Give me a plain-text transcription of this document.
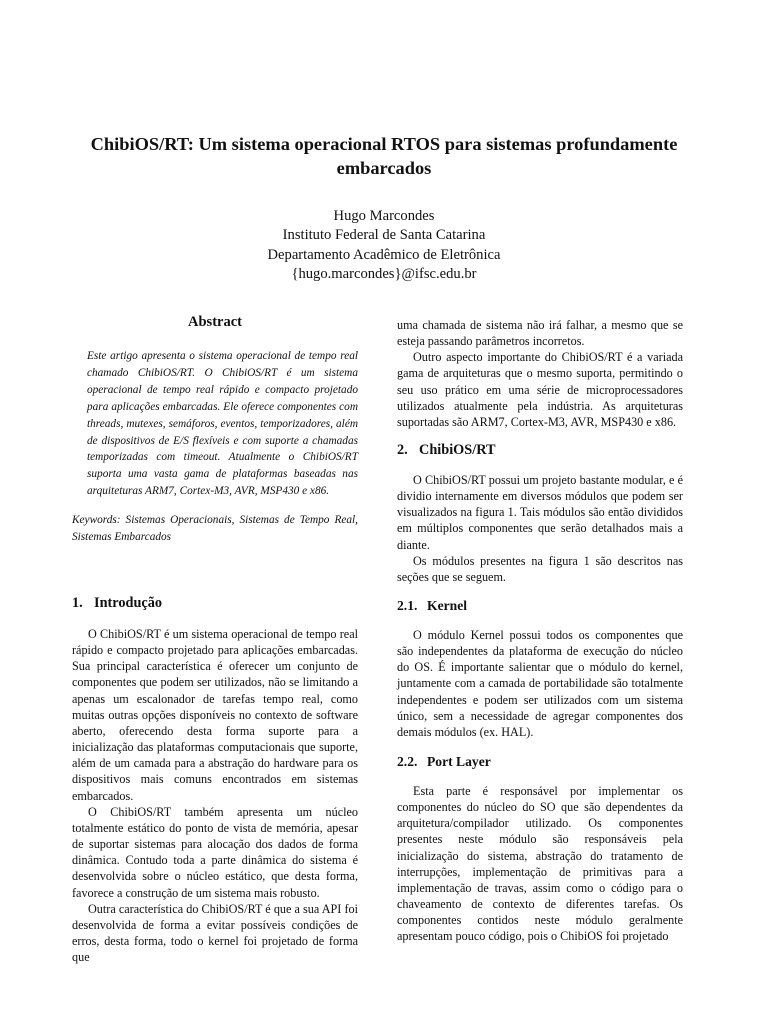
ChibiOS/RT: Um sistema operacional RTOS para sistemas profundamente embarcados
Hugo Marcondes
Instituto Federal de Santa Catarina
Departamento Acadêmico de Eletrônica
{hugo.marcondes}@ifsc.edu.br
Abstract

Este artigo apresenta o sistema operacional de tempo real chamado ChibiOS/RT. O ChibiOS/RT é um sistema operacional de tempo real rápido e compacto projetado para aplicações embarcadas. Ele oferece componentes com threads, mutexes, semáforos, eventos, temporizadores, além de dispositivos de E/S flexíveis e com suporte a chamadas temporizadas com timeout. Atualmente o ChibiOS/RT suporta uma vasta gama de plataformas baseadas nas arquiteturas ARM7, Cortex-M3, AVR, MSP430 e x86.

Keywords: Sistemas Operacionais, Sistemas de Tempo Real, Sistemas Embarcados
1. Introdução

O ChibiOS/RT é um sistema operacional de tempo real rápido e compacto projetado para aplicações embarcadas. Sua principal característica é oferecer um conjunto de componentes que podem ser utilizados, não se limitando a apenas um escalonador de tarefas tempo real, como muitas outras opções disponíveis no contexto de software aberto, oferecendo desta forma suporte para a inicialização das plataformas computacionais que suporte, além de um camada para a abstração do hardware para os dispositivos mais comuns encontrados em sistemas embarcados.

O ChibiOS/RT também apresenta um núcleo totalmente estático do ponto de vista de memória, apesar de suportar sistemas para alocação dos dados de forma dinâmica. Contudo toda a parte dinâmica do sistema é desenvolvida sobre o núcleo estático, que desta forma, favorece a construção de um sistema mais robusto.

Outra característica do ChibiOS/RT é que a sua API foi desenvolvida de forma a evitar possíveis condições de erros, desta forma, todo o kernel foi projetado de forma que

uma chamada de sistema não irá falhar, a mesmo que se esteja passando parâmetros incorretos.

Outro aspecto importante do ChibiOS/RT é a variada gama de arquiteturas que o mesmo suporta, permitindo o seu uso prático em uma série de microprocessadores utilizados atualmente pela indústria. As arquiteturas suportadas são ARM7, Cortex-M3, AVR, MSP430 e x86.

2. ChibiOS/RT

O ChibiOS/RT possui um projeto bastante modular, e é dividio internamente em diversos módulos que podem ser visualizados na figura 1. Tais módulos são então divididos em múltiplos componentes que serão detalhados mais a diante.

Os módulos presentes na figura 1 são descritos nas seções que se seguem.

2.1. Kernel

O módulo Kernel possui todos os componentes que são independentes da plataforma de execução do núcleo do OS. É importante salientar que o módulo do kernel, juntamente com a camada de portabilidade são totalmente independentes e podem ser utilizados com um sistema único, sem a necessidade de agregar componentes dos demais módulos (ex. HAL).

2.2. Port Layer

Esta parte é responsável por implementar os componentes do núcleo do SO que são dependentes da arquitetura/compilador utilizado. Os componentes presentes neste módulo são responsáveis pela inicialização do sistema, abstração do tratamento de interrupções, implementação de primitivas para a implementação de travas, assim como o código para o chaveamento de contexto de diferentes tarefas. Os componentes contidos neste módulo geralmente apresentam pouco código, pois o ChibiOS foi projetado
